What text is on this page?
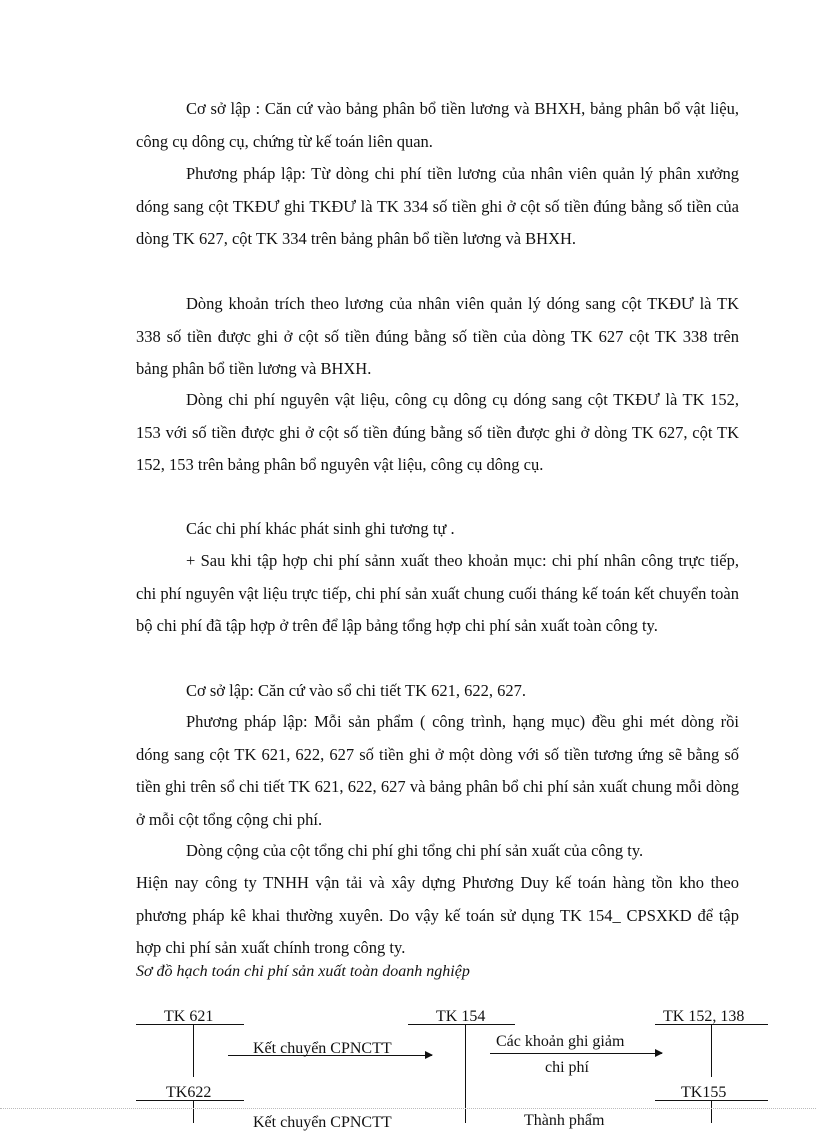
Cơ sở lập : Căn cứ vào bảng phân bổ tiền lương và BHXH, bảng phân bổ vật liệu, công cụ dông cụ, chứng từ kế toán liên quan.

Phương pháp lập: Từ dòng chi phí tiền lương của nhân viên quản lý phân xưởng dóng sang cột TKĐƯ ghi TKĐƯ là TK 334 số tiền ghi ở cột số tiền đúng bằng số tiền của dòng TK 627, cột TK 334 trên bảng phân bổ tiền lương và BHXH.

Dòng khoản trích theo lương của nhân viên quản lý dóng sang cột TKĐƯ là TK 338 số tiền được ghi ở cột số tiền đúng bằng số tiền của dòng TK 627 cột TK 338 trên bảng phân bổ tiền lương và BHXH.

Dòng chi phí nguyên vật liệu, công cụ dông cụ dóng sang cột TKĐƯ là TK 152, 153 với số tiền được ghi ở cột số tiền đúng bằng số tiền được ghi ở dòng TK 627, cột TK 152, 153 trên bảng phân bổ nguyên vật liệu, công cụ dông cụ.

Các chi phí khác phát sinh ghi tương tự .

+ Sau khi tập hợp chi phí sảnn xuất theo khoản mục: chi phí nhân công trực tiếp, chi phí nguyên vật liệu trực tiếp, chi phí sản xuất chung cuối tháng kế toán kết chuyển toàn bộ chi phí đã tập hợp ở trên để lập bảng tổng hợp chi phí sản xuất toàn công ty.

Cơ sở lập: Căn cứ vào sổ chi tiết TK 621, 622, 627.

Phương pháp lập: Mỗi sản phẩm ( công trình, hạng mục) đều ghi mét dòng rồi dóng sang cột TK 621, 622, 627 số tiền ghi ở một dòng với số tiền tương ứng sẽ bằng số tiền ghi trên sổ chi tiết TK 621, 622, 627 và bảng phân bổ chi phí sản xuất chung mỗi dòng ở mỗi cột tổng cộng chi phí.

Dòng cộng của cột tổng chi phí ghi tổng chi phí sản xuất của công ty.

Hiện nay công ty TNHH vận tải và xây dựng Phương Duy kế toán hàng tồn kho theo phương pháp kê khai thường xuyên. Do vậy kế toán sử dụng TK 154_ CPSXKD để tập hợp chi phí sản xuất chính trong công ty.

Sơ đồ hạch toán chi phí sản xuất toàn doanh nghiệp

TK 621	TK 154	TK 152, 138
Kết chuyển CPNCTT	Các khoản ghi giảm
chi phí
TK622	TK155
Kết chuyển CPNCTT	Thành phẩm
